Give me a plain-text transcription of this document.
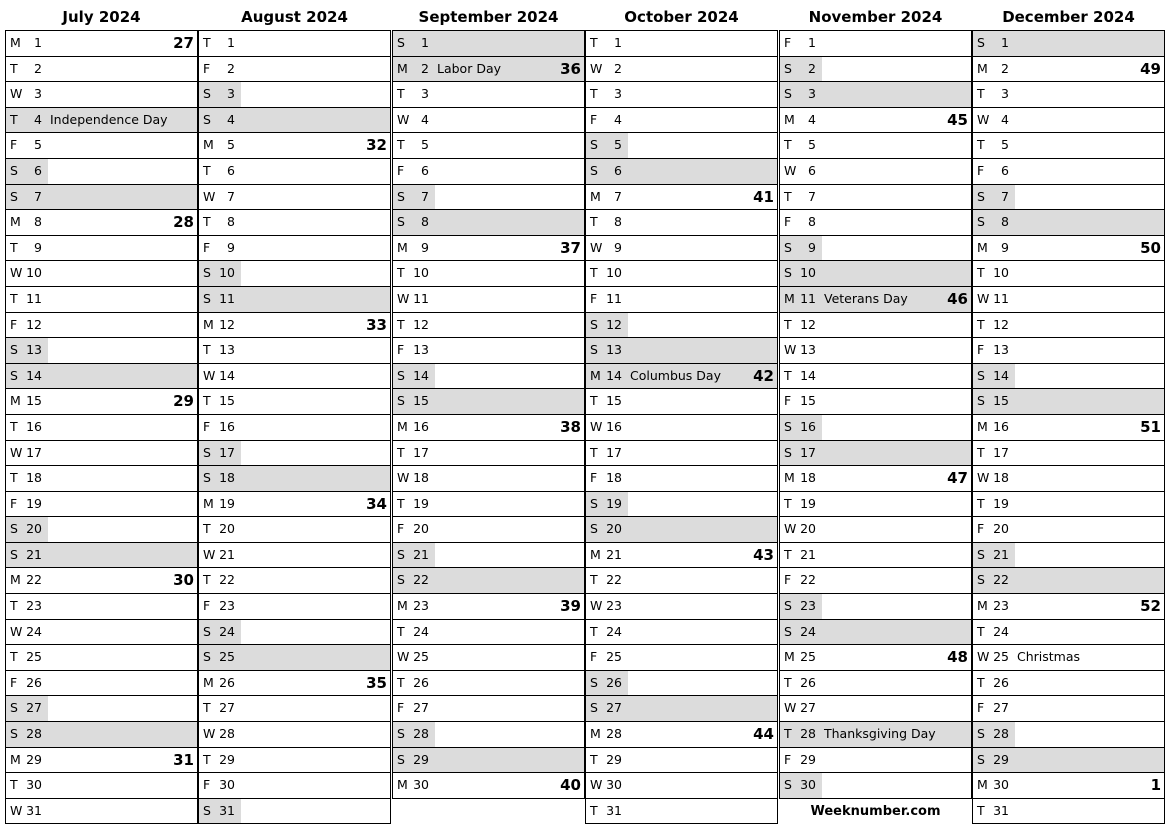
July 2024
M	1	27
T	2
W 3
T	4 Independence Day
F	5
S	6
S	7
M	8	28
T	9
W 10
T 11
F 12
S 13
S 14
M 15	29
T 16
W 17
T 18
F 19
S 20
S 21
M 22	30
T 23
W 24
T 25
F 26
S 27
S 28
M 29	31
T 30
W 31
August 2024
T	1
F	2
S	3
S	4
M	5	32
T	6
W 7
T	8
F	9
S 10
S 11
M 12	33
T 13
W 14
T 15
F 16
S 17
S 18
M 19	34
T 20
W 21
T 22
F 23
S 24
S 25
M 26	35
T 27
W 28
T 29
F 30
S 31
September 2024
S	1
M	2 Labor Day	36
T	3
W 4
T	5
F	6
S	7
S	8
M	9	37
T 10
W 11
T 12
F 13
S 14
S 15
M 16	38
T 17
W 18
T 19
F 20
S 21
S 22
M 23	39
T 24
W 25
T 26
F 27
S 28
S 29
M 30	40
October 2024
T	1
W 2
T	3
F	4
S	5
S	6
M	7	41
T	8
W 9
T 10
F 11
S 12
S 13
M 14 Columbus Day 42
T 15
W 16
T 17
F 18
S 19
S 20
M 21	43
T 22
W 23
T 24
F 25
S 26
S 27
M 28	44
T 29
W 30
T 31
November 2024
F	1
S	2
S	3
M	4	45
T	5
W 6
T	7
F	8
S	9
S 10
M 11 Veterans Day	46
T 12
W 13
T 14
F 15
S 16
S 17
M 18	47
T 19
W 20
T 21
F 22
S 23
S 24
M 25	48
T 26
W 27
T 28 Thanksgiving Day
F 29
S 30
Weeknumber.com
December 2024
S	1
M	2	49
T	3
W 4
T	5
F	6
S	7
S	8
M	9	50
T 10
W 11
T 12
F 13
S 14
S 15
M 16	51
T 17
W 18
T 19
F 20
S 21
S 22
M 23	52
T 24
W 25 Christmas
T 26
F 27
S 28
S 29
M 30	1
T 31
